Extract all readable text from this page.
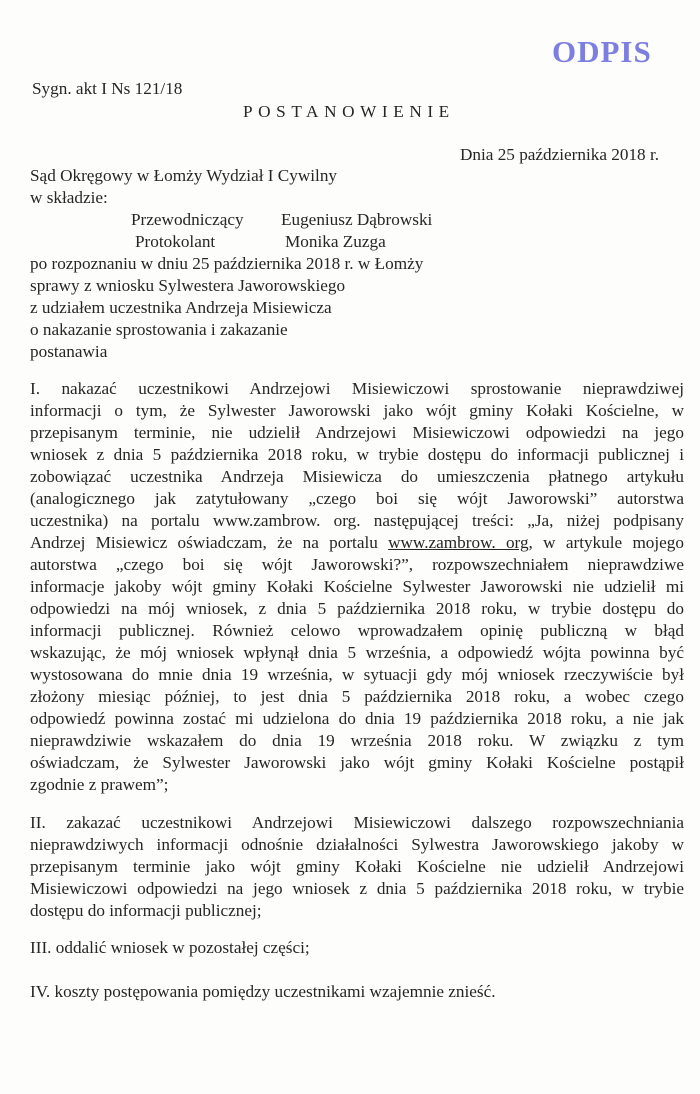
ODPIS
Sygn. akt I Ns 121/18
POSTANOWIENIE
Dnia 25 października 2018 r.
Sąd Okręgowy w Łomży Wydział I Cywilny
w składzie:
Przewodniczący Eugeniusz Dąbrowski
Protokolant	Monika Zuzga
po rozpoznaniu w dniu 25 października 2018 r. w Łomży
sprawy z wniosku Sylwestera Jaworowskiego
z udziałem uczestnika Andrzeja Misiewicza
o nakazanie sprostowania i zakazanie
postanawia
I. nakazać uczestnikowi Andrzejowi Misiewiczowi sprostowanie nieprawdziwej
informacji o tym, że Sylwester Jaworowski jako wójt gminy Kołaki Kościelne, w
przepisanym terminie, nie udzielił Andrzejowi Misiewiczowi odpowiedzi na jego
wniosek z dnia 5 października 2018 roku, w trybie dostępu do informacji publicznej i
zobowiązać uczestnika Andrzeja Misiewicza do umieszczenia płatnego artykułu
(analogicznego jak zatytułowany „czego boi się wójt Jaworowski” autorstwa
uczestnika) na portalu www.zambrow. org. następującej treści: „Ja, niżej podpisany
Andrzej Misiewicz oświadczam, że na portalu www.zambrow. org, w artykule mojego
autorstwa „czego boi się wójt Jaworowski?”, rozpowszechniałem nieprawdziwe
informacje jakoby wójt gminy Kołaki Kościelne Sylwester Jaworowski nie udzielił mi
odpowiedzi na mój wniosek, z dnia 5 października 2018 roku, w trybie dostępu do
informacji publicznej. Również celowo wprowadzałem opinię publiczną w błąd
wskazując, że mój wniosek wpłynął dnia 5 września, a odpowiedź wójta powinna być
wystosowana do mnie dnia 19 września, w sytuacji gdy mój wniosek rzeczywiście był
złożony miesiąc później, to jest dnia 5 października 2018 roku, a wobec czego
odpowiedź powinna zostać mi udzielona do dnia 19 października 2018 roku, a nie jak
nieprawdziwie wskazałem do dnia 19 września 2018 roku. W związku z tym
oświadczam, że Sylwester Jaworowski jako wójt gminy Kołaki Kościelne postąpił
zgodnie z prawem”;
II. zakazać uczestnikowi Andrzejowi Misiewiczowi dalszego rozpowszechniania
nieprawdziwych informacji odnośnie działalności Sylwestra Jaworowskiego jakoby w
przepisanym terminie jako wójt gminy Kołaki Kościelne nie udzielił Andrzejowi
Misiewiczowi odpowiedzi na jego wniosek z dnia 5 października 2018 roku, w trybie
dostępu do informacji publicznej;
III. oddalić wniosek w pozostałej części;
IV. koszty postępowania pomiędzy uczestnikami wzajemnie znieść.
